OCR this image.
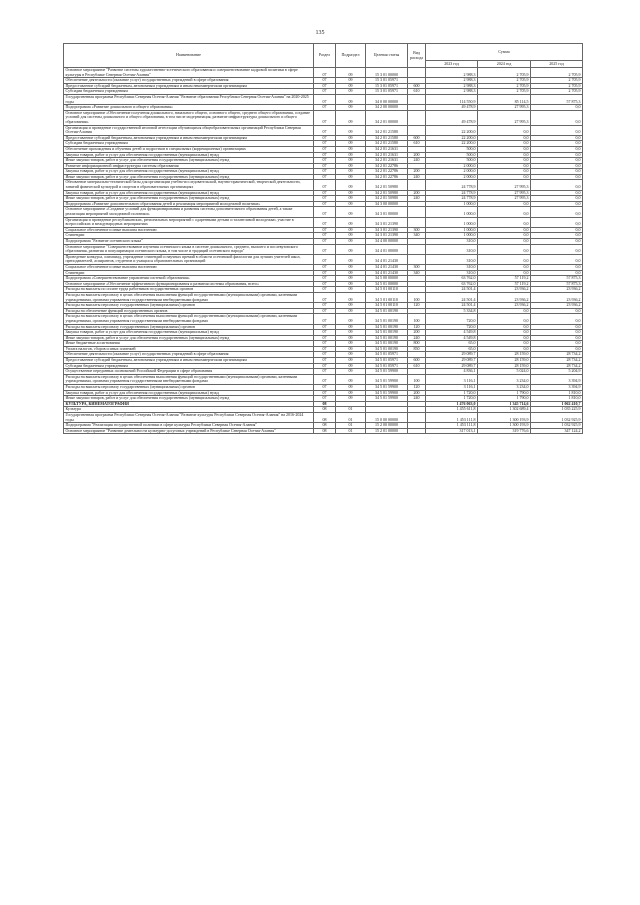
135
Наименование	Раздел	Подраздел	Целевая статья	Вид расхода	Сумма		
					2023 год	2024 год	2025 год
Основное мероприятие "Развитие системы художественно-эстетического образования и совершенствование кадровой политики в сфере культуры в Республике Северная Осетия-Алания"	07	09	15 3 01 00000		2 988,3	2 705,9	2 705,9
Обеспечение деятельности (оказание услуг) государственных учреждений в сфере образования	07	09	15 3 01 05971		2 988,3	2 705,9	2 705,9
Предоставление субсидий бюджетным, автономным учреждениям и иным некоммерческим организациям	07	09	15 3 01 05971	600	2 988,3	2 705,9	2 705,9
Субсидии бюджетным учреждениям	07	09	15 3 01 05971	610	2 988,3	2 705,9	2 705,9
Государственная программа Республики Северная Осетия-Алания "Развитие образования Республики Северная Осетия-Алания" на 2020-2025 годы	07	09	34 0 00 00000		114 550,9	85 114,5	57 875,3
Подпрограмма «Развитие дошкольного и общего образования»	07	09	34 2 00 00000		49 478,9	27 995,3	0,0
Основное мероприятие «Обеспечение получения дошкольного, начального общего, основного общего, среднего общего образования, создание условий для системы дошкольного и общего образования, в том числе модернизация, развитие инфраструктуры дошкольного и общего образования»	07	09	34 2 01 00000		49 478,9	27 995,3	0,0
Организация и проведение государственной итоговой аттестации обучающихся общеобразовательных организаций Республики Северная Осетия-Алания	07	09	34 2 01 21580		22 200,0	0,0	0,0
Предоставление субсидий бюджетным, автономным учреждениям и иным некоммерческим организациям	07	09	34 2 01 21580	600	22 200,0	0,0	0,0
Субсидии бюджетным учреждениям	07	09	34 2 01 21580	610	22 200,0	0,0	0,0
Обеспечение прохождения и обучения детей и подростков в специальных (коррекционных) организациях	07	09	34 2 01 21631		500,0	0,0	0,0
Закупка товаров, работ и услуг для обеспечения государственных (муниципальных) нужд	07	09	34 2 01 21631	200	500,0	0,0	0,0
Иные закупки товаров, работ и услуг для обеспечения государственных (муниципальных) нужд	07	09	34 2 01 21631	240	500,0	0,0	0,0
Развитие информационной инфраструктуры системы образования	07	09	34 2 01 22786		2 000,0	0,0	0,0
Закупка товаров, работ и услуг для обеспечения государственных (муниципальных) нужд	07	09	34 2 01 22786	200	2 000,0	0,0	0,0
Иные закупки товаров, работ и услуг для обеспечения государственных (муниципальных) нужд	07	09	34 2 01 22786	240	2 000,0	0,0	0,0
Обновление материально-технической базы для организации учебно-исследовательской, научно-практической, творческой деятельности, занятий физической культурой и спортом в образовательных организациях	07	09	34 2 01 50980		24 778,9	27 995,3	0,0
Закупка товаров, работ и услуг для обеспечения государственных (муниципальных) нужд	07	09	34 2 01 50980	200	24 778,9	27 995,3	0,0
Иные закупки товаров, работ и услуг для обеспечения государственных (муниципальных) нужд	07	09	34 2 01 50980	240	24 778,9	27 995,3	0,0
Подпрограмма «Развитие дополнительного образования детей и реализация мероприятий молодежной политики»	07	09	34 3 00 00000		1 000,0	0,0	0,0
Основное мероприятие «Создание условий для функционирования и развития системы дополнительного образования детей, а также реализация мероприятий молодежной политики»	07	09	34 3 01 00000		1 000,0	0,0	0,0
Организация и проведение республиканских, региональных мероприятий с одаренными детьми и талантливой молодежью, участие в всероссийских и международных мероприятиях	07	09	34 3 01 21390		1 000,0	0,0	0,0
Социальное обеспечение и иные выплаты населению	07	09	34 3 01 21390	300	1 000,0	0,0	0,0
Стипендии	07	09	34 3 01 21390	340	1 000,0	0,0	0,0
Подпрограмма "Развитие осетинского языка"	07	09	34 4 00 00000		310,0	0,0	0,0
Основное мероприятие "Совершенствование изучения осетинского языка в системе дошкольного, среднего, высшего и послевузовского образования, развития и популяризации осетинского языка, в том числе и традиций осетинского народа"	07	09	34 4 01 00000		310,0	0,0	0,0
Проведение конкурса, олимпиад, учреждение стипендий и научных премий в области осетинской филологии для лучших учителей школ, преподавателей, аспирантов, студентов и учащихся образовательных организаций	07	09	34 4 01 21430		310,0	0,0	0,0
Социальное обеспечение и иные выплаты населению	07	09	34 4 01 21430	300	310,0	0,0	0,0
Стипендии	07	09	34 4 01 21430	340	310,0	0,0	0,0
Подпрограмма «Совершенствование управления системой образования»	07	09	34 5 00 00000		63 762,0	57 119,2	57 875,3
Основное мероприятие «Обеспечение эффективного функционирования и развития системы образования, всего»	07	09	34 5 01 00000		63 762,0	57 119,2	57 875,3
Расходы на выплаты по оплате труда работников государственных органов	07	09	34 5 01 00110		24 501,4	23 936,2	23 936,2
Расходы на выплаты персоналу в целях обеспечения выполнения функций государственными (муниципальными) органами, казенными учреждениями, органами управления государственными внебюджетными фондами	07	09	34 5 01 00110	100	24 501,4	23 936,2	23 936,2
Расходы на выплаты персоналу государственных (муниципальных) органов	07	09	34 5 01 00110	120	24 501,4	23 936,2	23 936,2
Расходы на обеспечение функций государственных органов	07	09	34 5 01 00190		5 334,8	0,0	0,0
Расходы на выплаты персоналу в целях обеспечения выполнения функций государственными (муниципальными) органами, казенными учреждениями, органами управления государственными внебюджетными фондами	07	09	34 5 01 00190	100	720,0	0,0	0,0
Расходы на выплаты персоналу государственных (муниципальных) органов	07	09	34 5 01 00190	120	720,0	0,0	0,0
Закупка товаров, работ и услуг для обеспечения государственных (муниципальных) нужд	07	09	34 5 01 00190	200	4 549,8	0,0	0,0
Иные закупки товаров, работ и услуг для обеспечения государственных (муниципальных) нужд	07	09	34 5 01 00190	240	4 549,8	0,0	0,0
Иные бюджетные ассигнования	07	09	34 5 01 00190	800	65,0	0,0	0,0
Уплата налогов, сборов и иных платежей	07	09	34 5 01 00190	850	65,0	0,0	0,0
Обеспечение деятельности (оказание услуг) государственных учреждений в сфере образования	07	09	34 5 01 05971		29 089,7	28 159,0	28 734,2
Предоставление субсидий бюджетным, автономным учреждениям и иным некоммерческим организациям	07	09	34 5 01 05971	600	29 089,7	28 159,0	28 734,2
Субсидии бюджетным учреждениям	07	09	34 5 01 05971	610	29 089,7	28 159,0	28 734,2
Осуществление переданных полномочий Российской Федерации в сфере образования	07	09	34 5 01 59900		4 836,1	5 024,0	5 204,9
Расходы на выплаты персоналу в целях обеспечения выполнения функций государственными (муниципальными) органами, казенными учреждениями, органами управления государственными внебюджетными фондами	07	09	34 5 01 59900	100	3 116,1	3 234,0	3 394,9
Расходы на выплаты персоналу государственных (муниципальных) органов	07	09	34 5 01 59900	120	3 116,1	3 234,0	3 394,9
Закупка товаров, работ и услуг для обеспечения государственных (муниципальных) нужд	07	09	34 5 01 59900	200	1 720,0	1 790,0	1 810,0
Иные закупки товаров, работ и услуг для обеспечения государственных (муниципальных) нужд	07	09	34 5 01 59900	240	1 720,0	1 790,0	1 810,0
КУЛЬТУРА, КИНЕМАТОГРАФИЯ	08				1 476 063,0	1 345 714,6	1 062 410,7
Культура	08	01			1 455 611,8	1 302 689,4	1 035 225,9
Государственная программа Республики Северная Осетия-Алания "Развитие культуры Республики Северная Осетия-Алания" на 2016-2024 годы	08	01	15 0 00 00000		1 453 111,8	1 300 193,9	1 032 925,9
Подпрограмма "Реализация государственной политики в сфере культуры Республики Северная Осетия-Алания"	08	01	15 2 00 00000		1 453 111,8	1 300 193,9	1 032 925,9
Основное мероприятие "Развитие деятельности культурно-досуговых учреждений в Республике Северная Осетия-Алания"	08	01	15 2 01 00000		317 013,1	319 776,6	347 124,2
